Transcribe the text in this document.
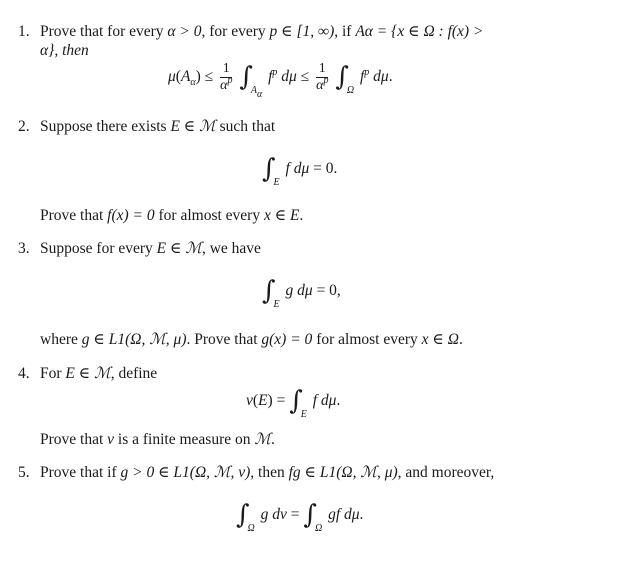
1. Prove that for every α > 0, for every p ∈ [1, ∞), if Aα = {x ∈ Ω : f(x) >
α}, then
$\mu(A_\alpha) \le \frac{1}{\alpha^p} \int_{A_\alpha}$ $f^p$ $d\mu \le \frac{1}{\alpha^p} \int_\Omega$ $f^p$ dμ.
2. Suppose there exists E ∈ ℳ such that
$\int_E$ f dμ = 0.
Prove that f(x) = 0 for almost every x ∈ E.
3. Suppose for every E ∈ ℳ, we have
$\int_E$ g dμ = 0,
where g ∈ L1(Ω, ℳ, μ). Prove that g(x) = 0 for almost every x ∈ Ω.
4. For E ∈ ℳ, define
$\nu(E) = \int_E$ f dμ.
Prove that ν is a finite measure on ℳ.
5. Prove that if g > 0 ∈ L1(Ω, ℳ, ν), then fg ∈ L1(Ω, ℳ, μ), and moreover,
$\int_\Omega$ g $d\nu = \int_\Omega$ gf dμ.
